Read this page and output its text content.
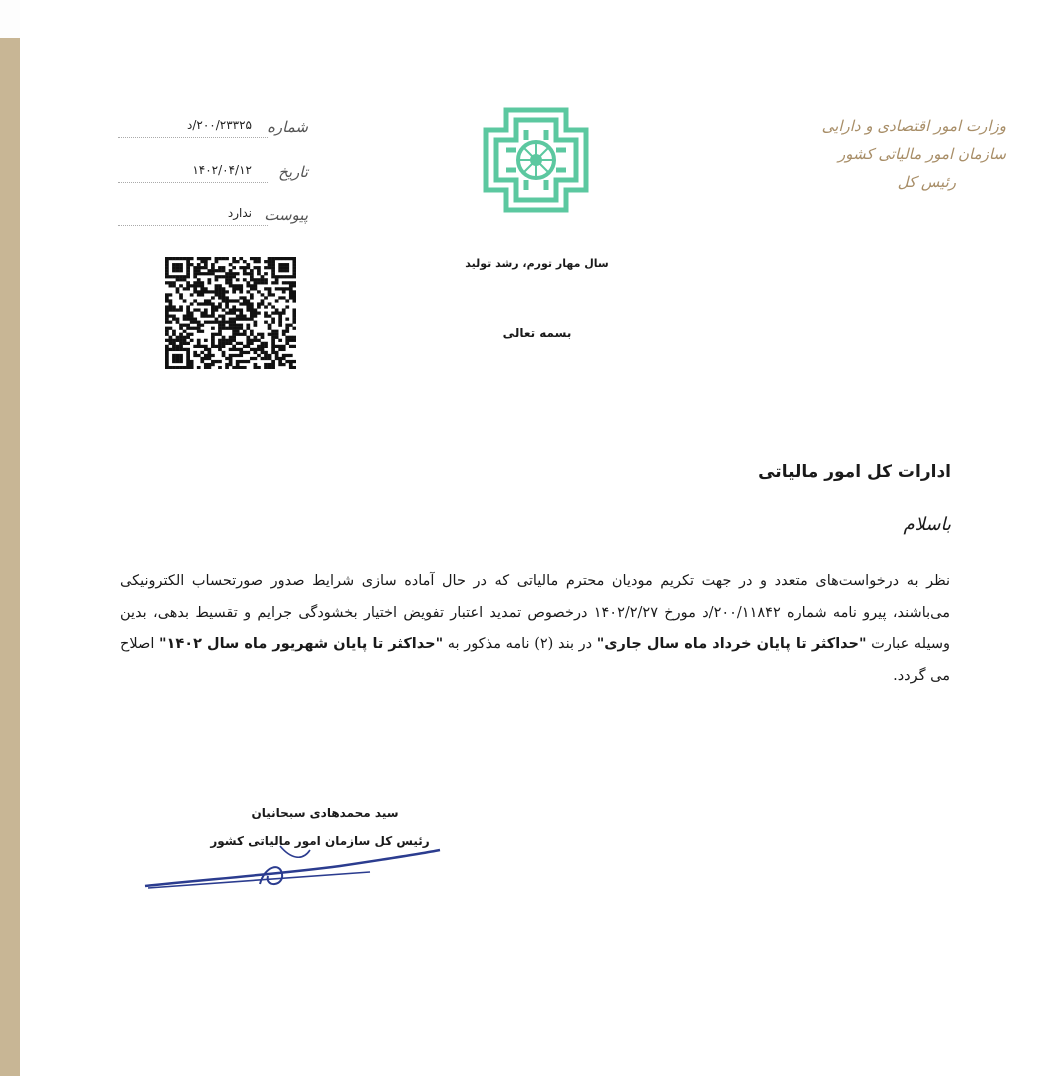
وزارت امور اقتصادی و دارایی
سازمان امور مالیاتی کشور
رئیس کل
سال مهار تورم، رشد تولید
بسمه تعالی
شماره
۲۰۰/۲۳۳۲۵/د
تاریخ
۱۴۰۲/۰۴/۱۲
پیوست
ندارد
ادارات کل امور مالیاتی
باسلام
نظر به درخواست‌های متعدد و در جهت تکریم مودیان محترم مالیاتی که در حال آماده سازی شرایط صدور صورتحساب الکترونیکی می‌باشند، پیرو نامه شماره ۲۰۰/۱۱۸۴۲/د مورخ ۱۴۰۲/۲/۲۷ درخصوص تمدید اعتبار تفویض اختیار بخشودگی جرایم و تقسیط بدهی، بدین وسیله عبارت "حداکثر تا پایان خرداد ماه سال جاری" در بند (۲) نامه مذکور به "حداکثر تا پایان شهریور ماه سال ۱۴۰۲" اصلاح می گردد.
سید محمدهادی سبحانیان
رئیس کل سازمان امور مالیاتی کشور
